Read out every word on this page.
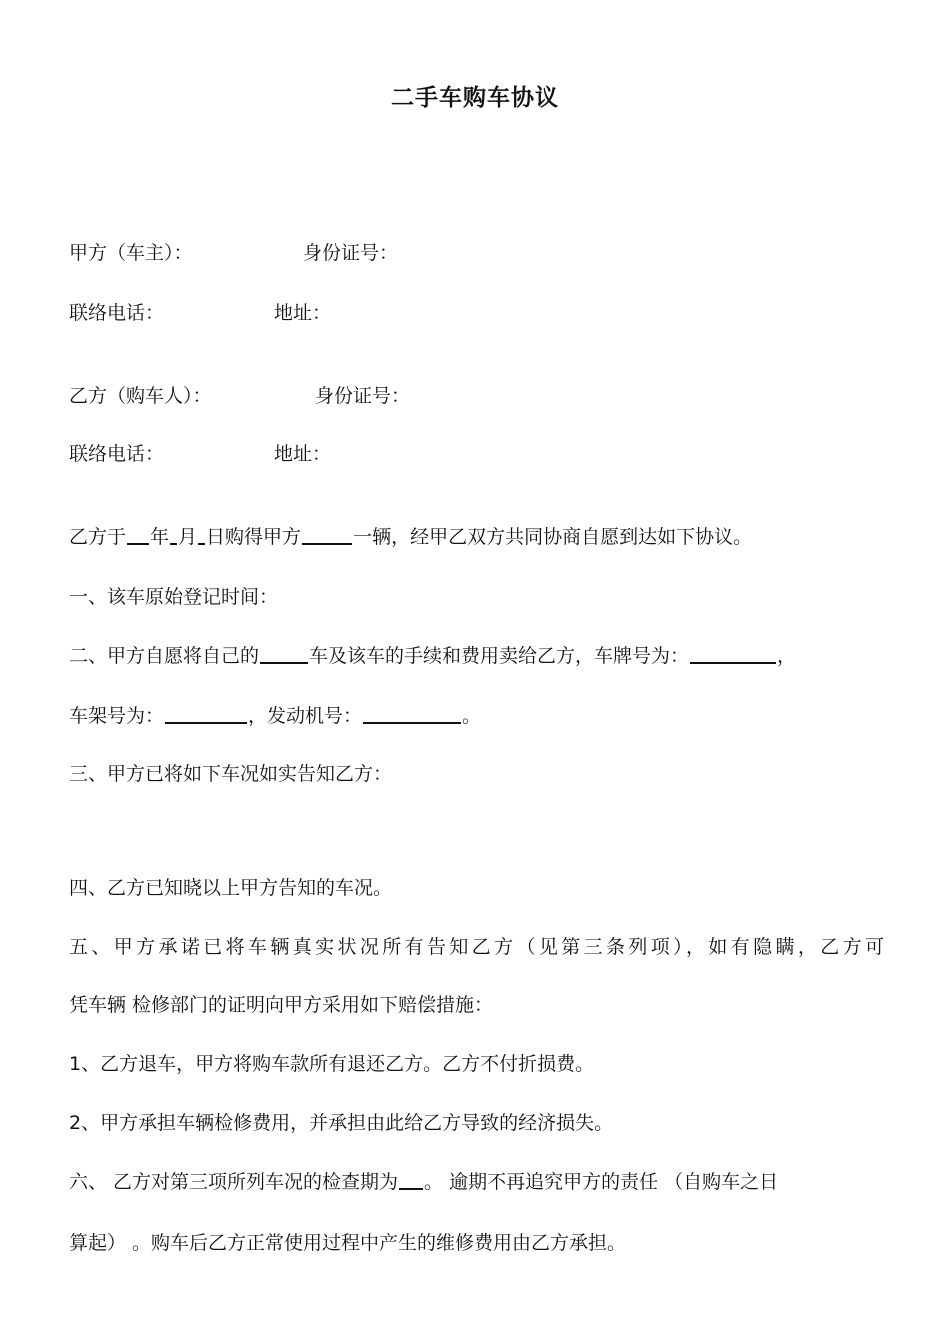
二手车购车协议
甲方（车主）：	身份证号：
联络电话：	地址：
乙方（购车人）：	身份证号：
联络电话：	地址：
乙方于 年 月 日购得甲方	一辆，经甲乙双方共同协商自愿到达如下协议。
一、该车原始登记时间：
二、甲方自愿将自己的	车及该车的手续和费用卖给乙方，车牌号为：	，
车架号为：	，发动机号：	。
三、甲方已将如下车况如实告知乙方：
四、乙方已知晓以上甲方告知的车况。
五、甲方承诺已将车辆真实状况所有告知乙方（见第三条列项），如有隐瞒，乙方可
凭车辆 检修部门的证明向甲方采用如下赔偿措施：
1、乙方退车，甲方将购车款所有退还乙方。乙方不付折损费。
2、甲方承担车辆检修费用，并承担由此给乙方导致的经济损失。
六、 乙方对第三项所列车况的检查期为 。 逾期不再追究甲方的责任 （自购车之日
算起） 。购车后乙方正常使用过程中产生的维修费用由乙方承担。
